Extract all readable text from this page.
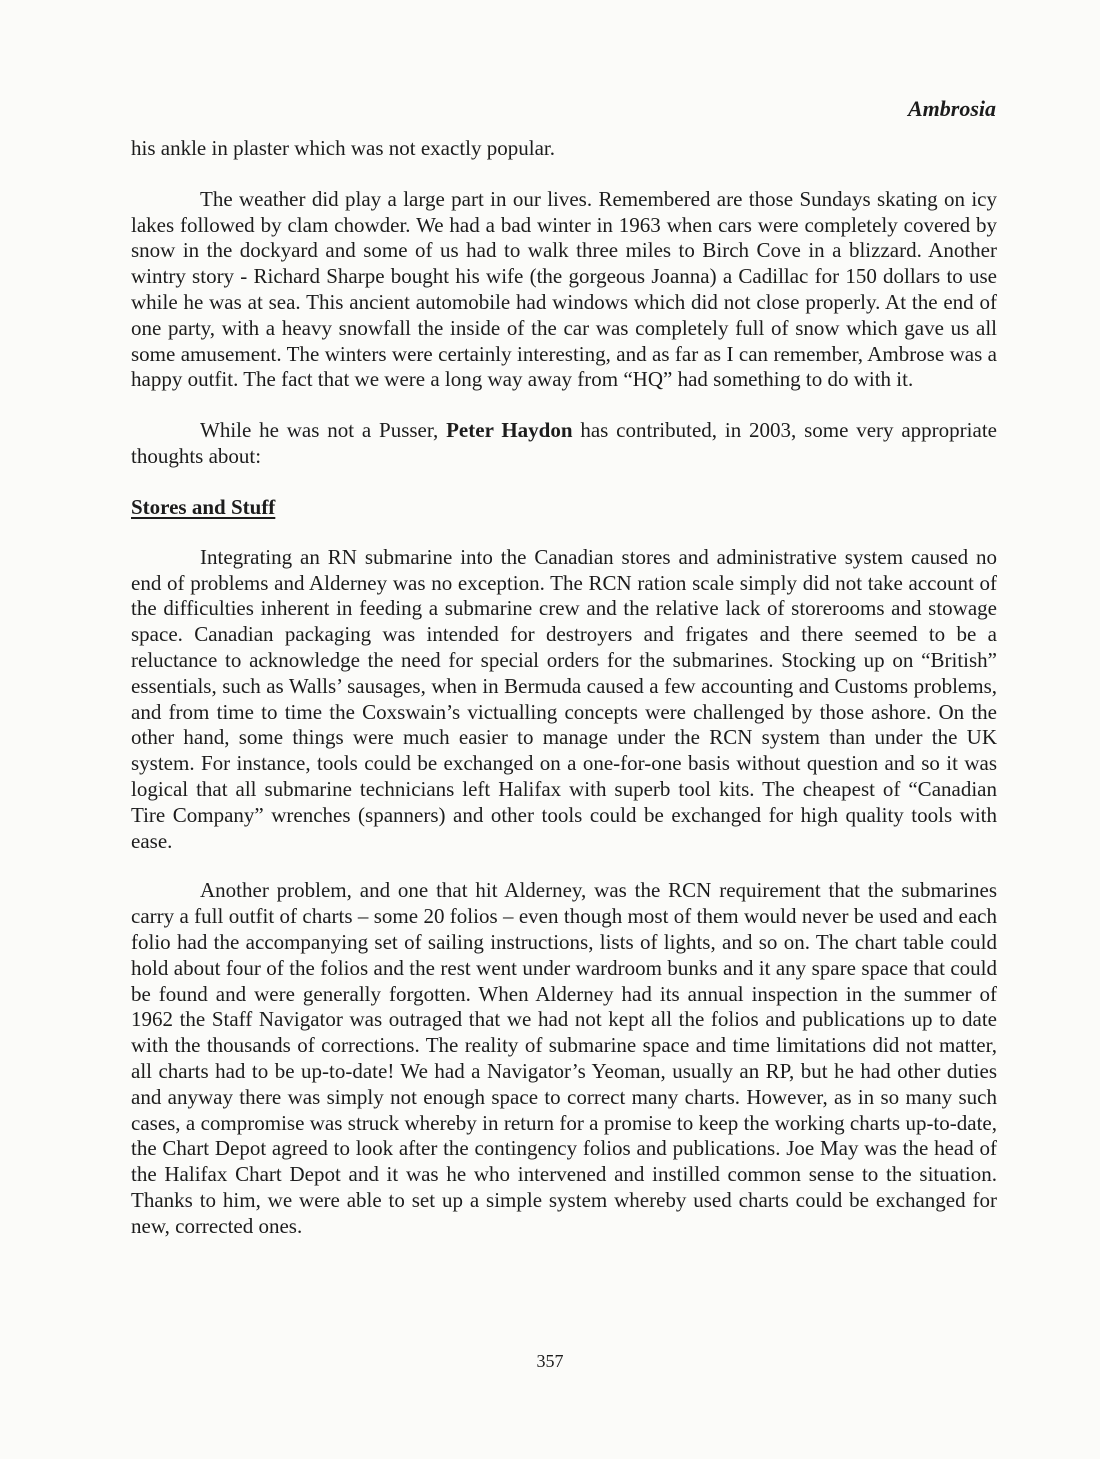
Ambrosia

his ankle in plaster which was not exactly popular.

The weather did play a large part in our lives. Remembered are those Sundays skating on icy lakes followed by clam chowder. We had a bad winter in 1963 when cars were completely covered by snow in the dockyard and some of us had to walk three miles to Birch Cove in a blizzard. Another wintry story - Richard Sharpe bought his wife (the gorgeous Joanna) a Cadillac for 150 dollars to use while he was at sea. This ancient automobile had windows which did not close properly. At the end of one party, with a heavy snowfall the inside of the car was completely full of snow which gave us all some amusement. The winters were certainly interesting, and as far as I can remember, Ambrose was a happy outfit. The fact that we were a long way away from “HQ” had something to do with it.

While he was not a Pusser, Peter Haydon has contributed, in 2003, some very appropriate thoughts about:

Stores and Stuff

Integrating an RN submarine into the Canadian stores and administrative system caused no end of problems and Alderney was no exception. The RCN ration scale simply did not take account of the difficulties inherent in feeding a submarine crew and the relative lack of storerooms and stowage space. Canadian packaging was intended for destroyers and frigates and there seemed to be a reluctance to acknowledge the need for special orders for the submarines. Stocking up on “British” essentials, such as Walls’ sausages, when in Bermuda caused a few accounting and Customs problems, and from time to time the Coxswain’s victualling concepts were challenged by those ashore. On the other hand, some things were much easier to manage under the RCN system than under the UK system. For instance, tools could be exchanged on a one-for-one basis without question and so it was logical that all submarine technicians left Halifax with superb tool kits. The cheapest of “Canadian Tire Company” wrenches (spanners) and other tools could be exchanged for high quality tools with ease.

Another problem, and one that hit Alderney, was the RCN requirement that the submarines carry a full outfit of charts – some 20 folios – even though most of them would never be used and each folio had the accompanying set of sailing instructions, lists of lights, and so on. The chart table could hold about four of the folios and the rest went under wardroom bunks and it any spare space that could be found and were generally forgotten. When Alderney had its annual inspection in the summer of 1962 the Staff Navigator was outraged that we had not kept all the folios and publications up to date with the thousands of corrections. The reality of submarine space and time limitations did not matter, all charts had to be up-to-date! We had a Navigator’s Yeoman, usually an RP, but he had other duties and anyway there was simply not enough space to correct many charts. However, as in so many such cases, a compromise was struck whereby in return for a promise to keep the working charts up-to-date, the Chart Depot agreed to look after the contingency folios and publications. Joe May was the head of the Halifax Chart Depot and it was he who intervened and instilled common sense to the situation. Thanks to him, we were able to set up a simple system whereby used charts could be exchanged for new, corrected ones.

357
